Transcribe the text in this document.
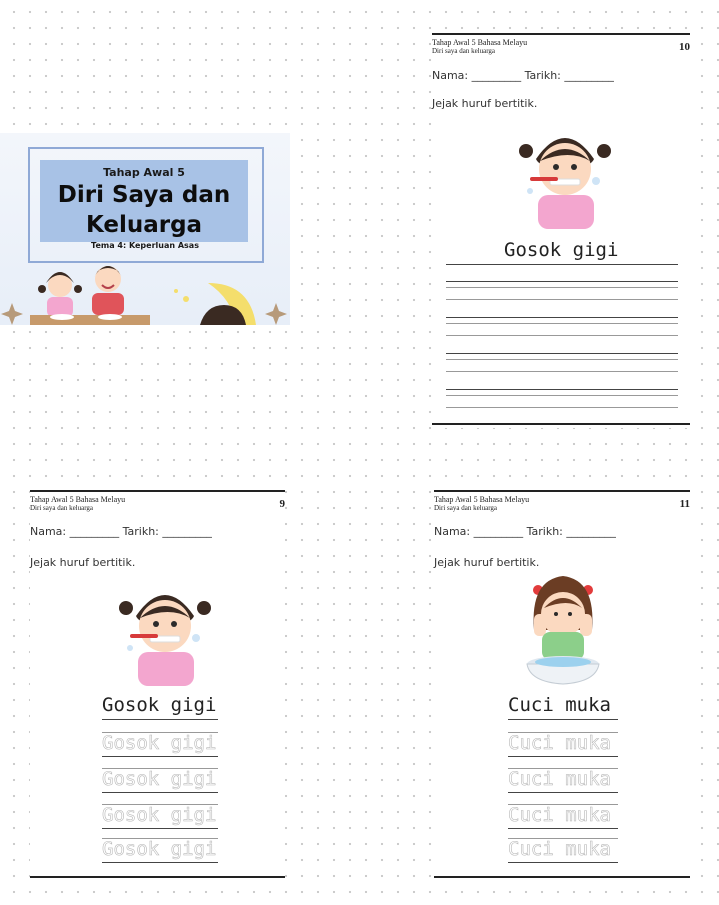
Tahap Awal 5
Diri Saya dan
Keluarga
Tema 4: Keperluan Asas
Tahap Awal 5 Bahasa Melayu
Diri saya dan keluarga	10
Nama: _________ Tarikh: _________
Jejak huruf bertitik.
Gosok gigi
Tahap Awal 5 Bahasa Melayu
Diri saya dan keluarga	9
Nama: _________ Tarikh: _________
Jejak huruf bertitik.
Gosok gigi
Gosok gigi
Gosok gigi
Gosok gigi
Gosok gigi
Tahap Awal 5 Bahasa Melayu
Diri saya dan keluarga	11
Nama: _________ Tarikh: _________
Jejak huruf bertitik.
Cuci muka
Cuci muka
Cuci muka
Cuci muka
Cuci muka
